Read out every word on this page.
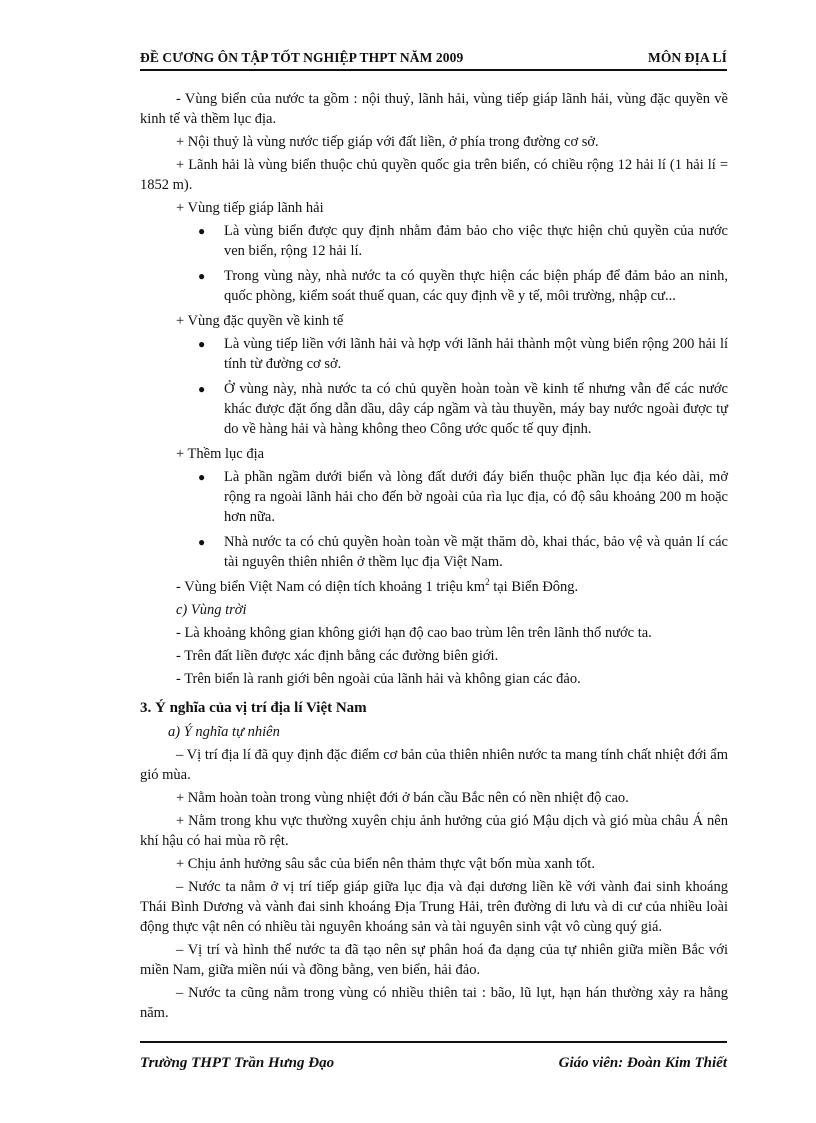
ĐỀ CƯƠNG ÔN TẬP TỐT NGHIỆP THPT NĂM 2009	MÔN ĐỊA LÍ

- Vùng biển của nước ta gồm : nội thuỷ, lãnh hải, vùng tiếp giáp lãnh hải, vùng đặc quyền về kinh tế và thềm lục địa.

+ Nội thuỷ là vùng nước tiếp giáp với đất liền, ở phía trong đường cơ sở.

+ Lãnh hải là vùng biển thuộc chủ quyền quốc gia trên biển, có chiều rộng 12 hải lí (1 hải lí = 1852 m).

+ Vùng tiếp giáp lãnh hải

● Là vùng biển được quy định nhằm đảm bảo cho việc thực hiện chủ quyền của nước ven biển, rộng 12 hải lí.
● Trong vùng này, nhà nước ta có quyền thực hiện các biện pháp để đảm bảo an ninh, quốc phòng, kiểm soát thuế quan, các quy định về y tế, môi trường, nhập cư...

+ Vùng đặc quyền về kinh tế

● Là vùng tiếp liền với lãnh hải và hợp với lãnh hải thành một vùng biển rộng 200 hải lí tính từ đường cơ sở.
● Ở vùng này, nhà nước ta có chủ quyền hoàn toàn về kinh tế nhưng vẫn để các nước khác được đặt ống dẫn dầu, dây cáp ngầm và tàu thuyền, máy bay nước ngoài được tự do về hàng hải và hàng không theo Công ước quốc tế quy định.

+ Thềm lục địa

● Là phần ngầm dưới biển và lòng đất dưới đáy biển thuộc phần lục địa kéo dài, mở rộng ra ngoài lãnh hải cho đến bờ ngoài của rìa lục địa, có độ sâu khoảng 200 m hoặc hơn nữa.
● Nhà nước ta có chủ quyền hoàn toàn về mặt thăm dò, khai thác, bảo vệ và quản lí các tài nguyên thiên nhiên ở thềm lục địa Việt Nam.

- Vùng biển Việt Nam có diện tích khoảng 1 triệu $km^2$ tại Biển Đông.

c) Vùng trời

- Là khoảng không gian không giới hạn độ cao bao trùm lên trên lãnh thổ nước ta.

- Trên đất liền được xác định bằng các đường biên giới.

- Trên biển là ranh giới bên ngoài của lãnh hải và không gian các đảo.

3. Ý nghĩa của vị trí địa lí Việt Nam

a) Ý nghĩa tự nhiên

– Vị trí địa lí đã quy định đặc điểm cơ bản của thiên nhiên nước ta mang tính chất nhiệt đới ẩm gió mùa.

+ Nằm hoàn toàn trong vùng nhiệt đới ở bán cầu Bắc nên có nền nhiệt độ cao.

+ Nằm trong khu vực thường xuyên chịu ảnh hưởng của gió Mậu dịch và gió mùa châu Á nên khí hậu có hai mùa rõ rệt.

+ Chịu ảnh hưởng sâu sắc của biển nên thảm thực vật bốn mùa xanh tốt.

– Nước ta nằm ở vị trí tiếp giáp giữa lục địa và đại dương liền kề với vành đai sinh khoáng Thái Bình Dương và vành đai sinh khoáng Địa Trung Hải, trên đường di lưu và di cư của nhiều loài động thực vật nên có nhiều tài nguyên khoáng sản và tài nguyên sinh vật vô cùng quý giá.

– Vị trí và hình thể nước ta đã tạo nên sự phân hoá đa dạng của tự nhiên giữa miền Bắc với miền Nam, giữa miền núi và đồng bằng, ven biển, hải đảo.

– Nước ta cũng nằm trong vùng có nhiều thiên tai : bão, lũ lụt, hạn hán thường xảy ra hằng năm.

Trường THPT Trần Hưng Đạo	Giáo viên: Đoàn Kim Thiết
